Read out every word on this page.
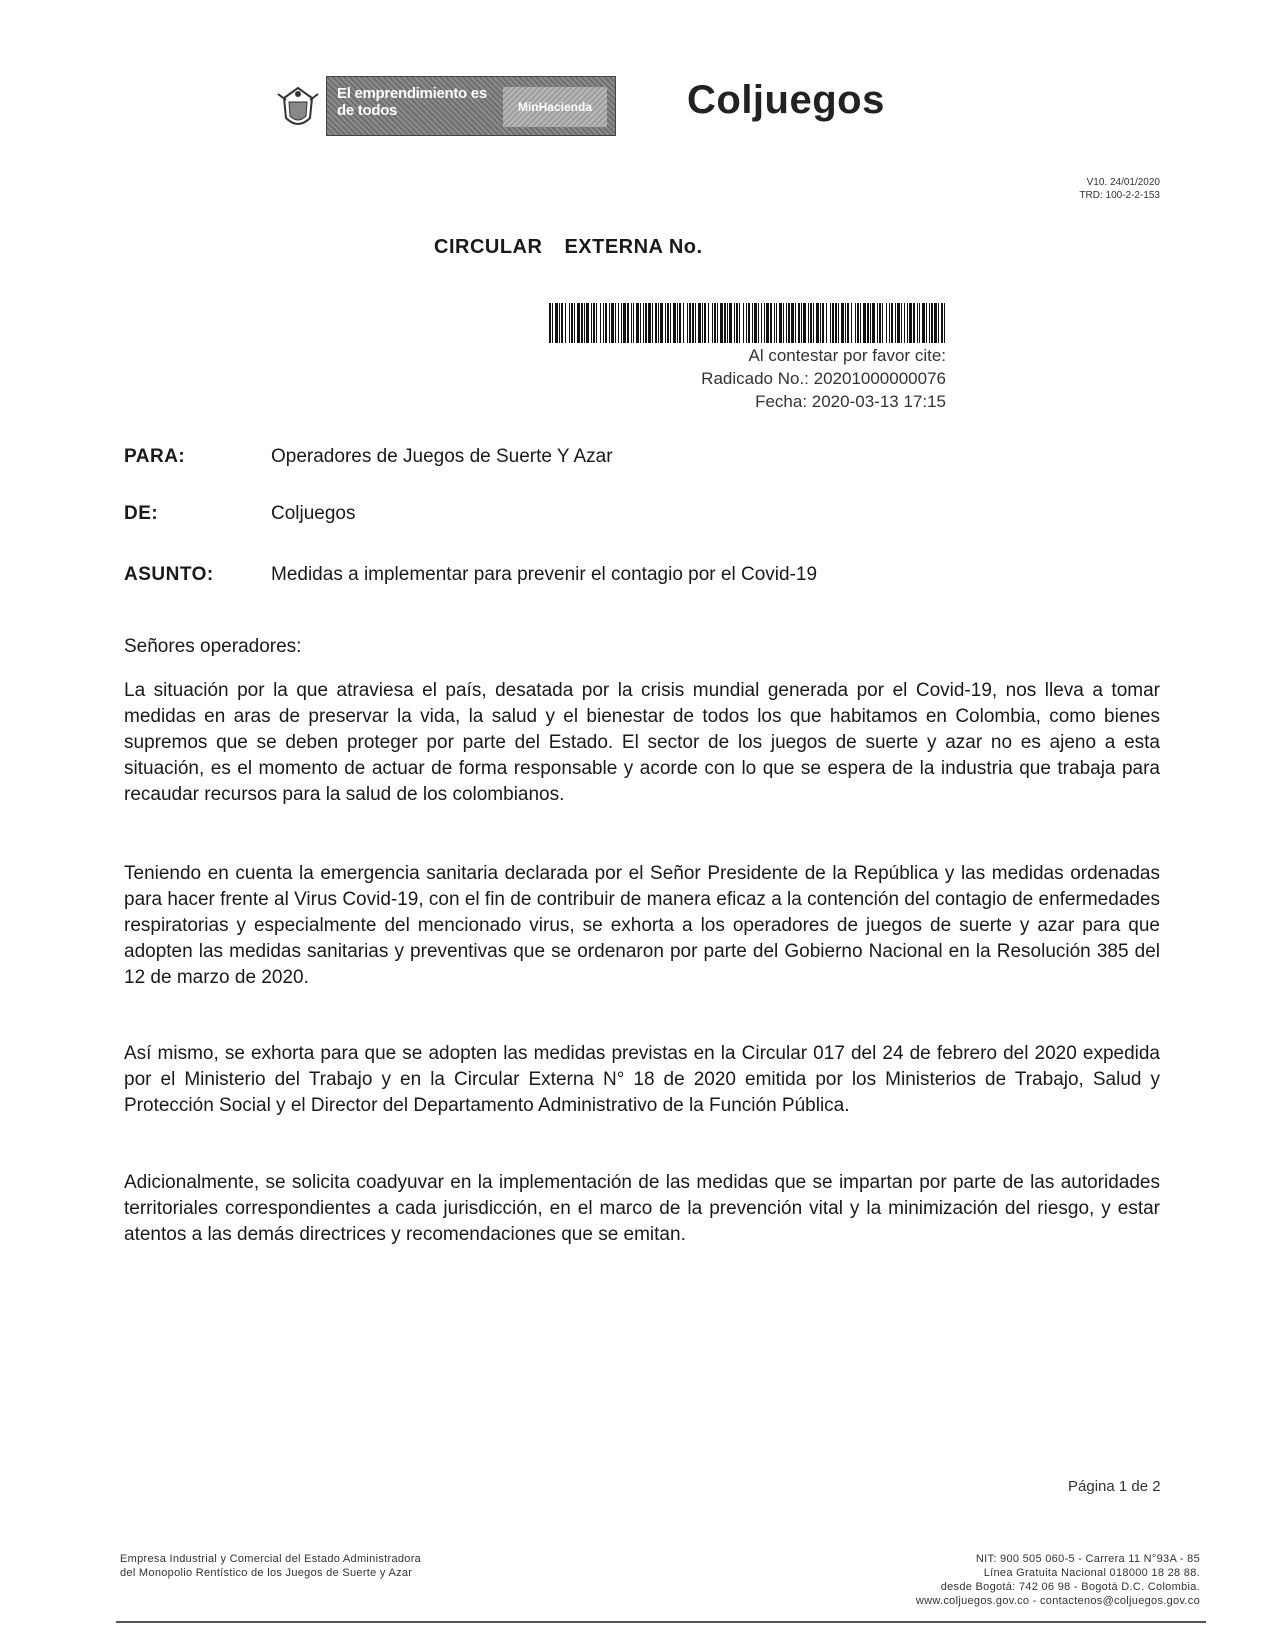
El emprendimiento es de todos	MinHacienda	Coljuegos
V10. 24/01/2020
TRD: 100-2-2-153
CIRCULAR EXTERNA No.
Al contestar por favor cite:
Radicado No.: 20201000000076
Fecha: 2020-03-13 17:15
PARA:	Operadores de Juegos de Suerte Y Azar
DE:	Coljuegos
ASUNTO:	Medidas a implementar para prevenir el contagio por el Covid-19
Señores operadores:

La situación por la que atraviesa el país, desatada por la crisis mundial generada por el Covid-19, nos lleva a tomar medidas en aras de preservar la vida, la salud y el bienestar de todos los que habitamos en Colombia, como bienes supremos que se deben proteger por parte del Estado. El sector de los juegos de suerte y azar no es ajeno a esta situación, es el momento de actuar de forma responsable y acorde con lo que se espera de la industria que trabaja para recaudar recursos para la salud de los colombianos.

Teniendo en cuenta la emergencia sanitaria declarada por el Señor Presidente de la República y las medidas ordenadas para hacer frente al Virus Covid-19, con el fin de contribuir de manera eficaz a la contención del contagio de enfermedades respiratorias y especialmente del mencionado virus, se exhorta a los operadores de juegos de suerte y azar para que adopten las medidas sanitarias y preventivas que se ordenaron por parte del Gobierno Nacional en la Resolución 385 del 12 de marzo de 2020.

Así mismo, se exhorta para que se adopten las medidas previstas en la Circular 017 del 24 de febrero del 2020 expedida por el Ministerio del Trabajo y en la Circular Externa N° 18 de 2020 emitida por los Ministerios de Trabajo, Salud y Protección Social y el Director del Departamento Administrativo de la Función Pública.

Adicionalmente, se solicita coadyuvar en la implementación de las medidas que se impartan por parte de las autoridades territoriales correspondientes a cada jurisdicción, en el marco de la prevención vital y la minimización del riesgo, y estar atentos a las demás directrices y recomendaciones que se emitan.

Página 1 de 2
Empresa Industrial y Comercial del Estado Administradora
del Monopolio Rentístico de los Juegos de Suerte y Azar
NIT: 900 505 060-5 - Carrera 11 N°93A - 85
Línea Gratuita Nacional 018000 18 28 88.
desde Bogotá: 742 06 98 - Bogotá D.C. Colombia.
www.coljuegos.gov.co - contactenos@coljuegos.gov.co
